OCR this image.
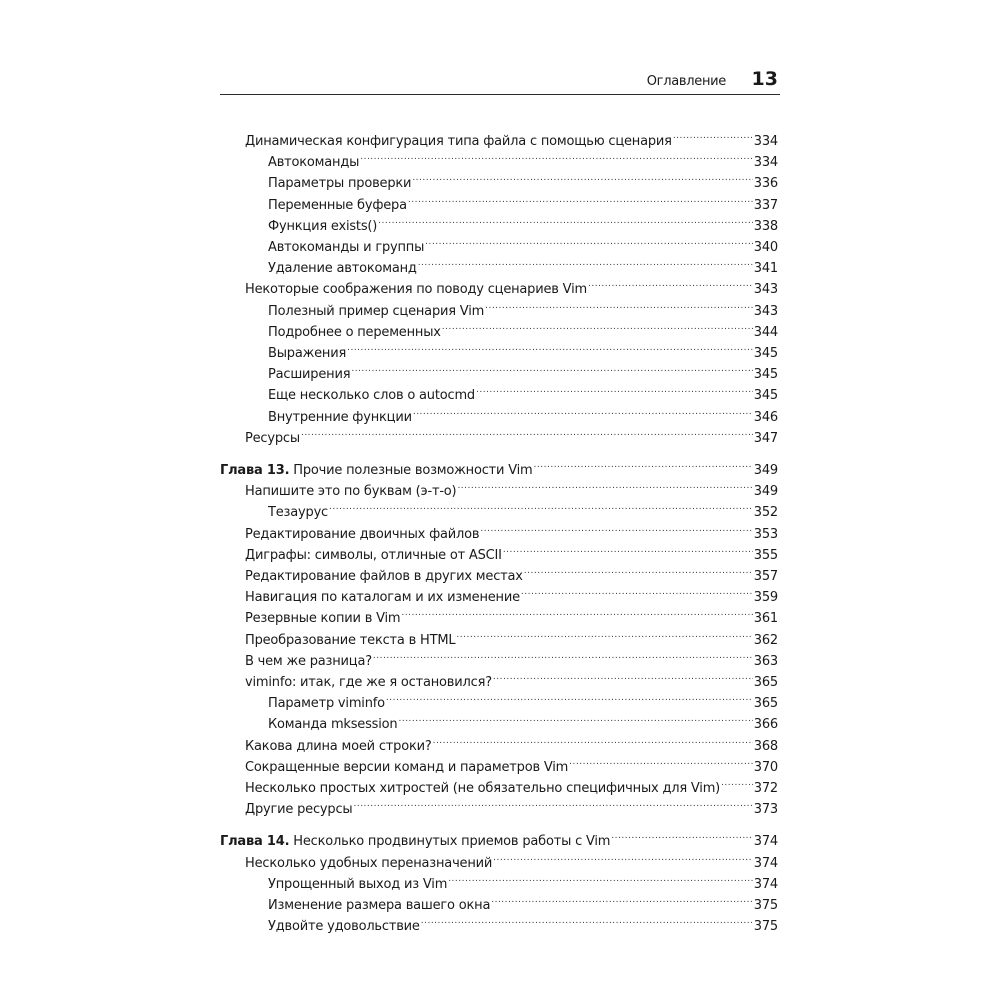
Оглавление 13
Динамическая конфигурация типа файла с помощью сценария .....	334
Автокоманды .....	334
Параметры проверки .....	336
Переменные буфера .....	337
Функция exists() .....	338
Автокоманды и группы .....	340
Удаление автокоманд .....	341
Некоторые соображения по поводу сценариев Vim .....	343
Полезный пример сценария Vim .....	343
Подробнее о переменных .....	344
Выражения .....	345
Расширения .....	345
Еще несколько слов о autocmd .....	345
Внутренние функции .....	346
Ресурсы .....	347
Глава 13. Прочие полезные возможности Vim .....	349
Напишите это по буквам (э-т-о) .....	349
Тезаурус .....	352
Редактирование двоичных файлов .....	353
Диграфы: символы, отличные от ASCII .....	355
Редактирование файлов в других местах .....	357
Навигация по каталогам и их изменение .....	359
Резервные копии в Vim .....	361
Преобразование текста в HTML .....	362
В чем же разница? .....	363
viminfo: итак, где же я остановился? .....	365
Параметр viminfo .....	365
Команда mksession .....	366
Какова длина моей строки? .....	368
Сокращенные версии команд и параметров Vim .....	370
Несколько простых хитростей (не обязательно специфичных для Vim) .....	372
Другие ресурсы .....	373
Глава 14. Несколько продвинутых приемов работы с Vim .....	374
Несколько удобных переназначений .....	374
Упрощенный выход из Vim .....	374
Изменение размера вашего окна .....	375
Удвойте удовольствие .....	375
